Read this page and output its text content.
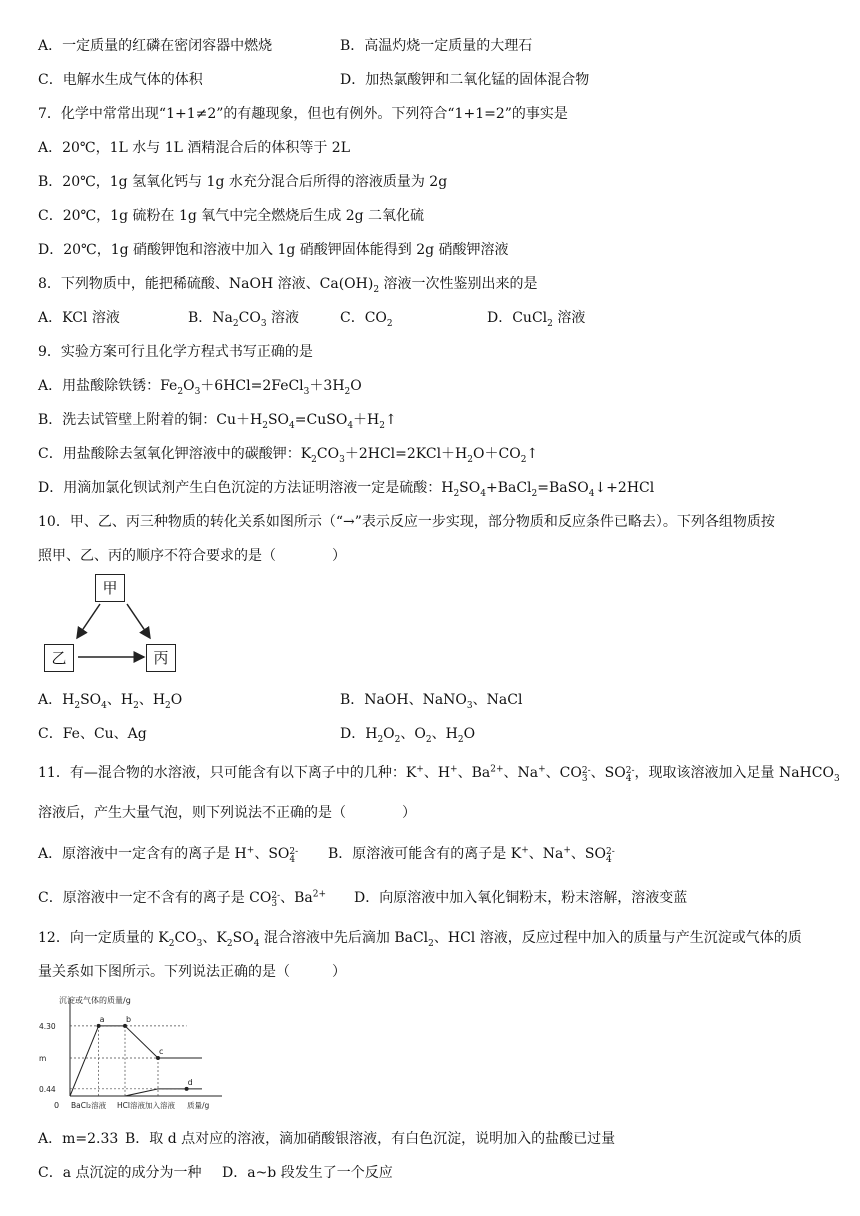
A．一定质量的红磷在密闭容器中燃烧	B．高温灼烧一定质量的大理石
C．电解水生成气体的体积	D．加热氯酸钾和二氧化锰的固体混合物
7．化学中常常出现“1+1≠2”的有趣现象，但也有例外。下列符合“1+1=2”的事实是
A．20℃，1L 水与 1L 酒精混合后的体积等于 2L
B．20℃，1g 氢氧化钙与 1g 水充分混合后所得的溶液质量为 2g
C．20℃，1g 硫粉在 1g 氧气中完全燃烧后生成 2g 二氧化硫
D．20℃，1g 硝酸钾饱和溶液中加入 1g 硝酸钾固体能得到 2g 硝酸钾溶液
8．下列物质中，能把稀硫酸、NaOH 溶液、$Ca(OH)_2$ 溶液一次性鉴别出来的是
A．KCl 溶液	B．$Na_2CO_3$ 溶液	C．$CO_2$	D．CuCl$_2$ 溶液
9．实验方案可行且化学方程式书写正确的是
A．用盐酸除铁锈：$Fe_2O_3+6HCl=2FeCl_3+3H_2O$
B．洗去试管壁上附着的铜：$Cu+H_2SO_4=CuSO_4+H_2↑$
C．用盐酸除去氢氧化钾溶液中的碳酸钾：$K_2CO_3+2HCl=2KCl+H_2O+CO_2↑$
D．用滴加氯化钡试剂产生白色沉淀的方法证明溶液一定是硫酸：$H_2SO_4+BaCl_2=BaSO_4↓+2HCl$
10．甲、乙、丙三种物质的转化关系如图所示（“→”表示反应一步实现，部分物质和反应条件已略去）。下列各组物质按
照甲、乙、丙的顺序不符合要求的是（　　　　）
甲
乙	丙
A．$H_2SO_4$、$H_2$、$H_2O$	B．NaOH、NaNO$_3$、NaCl
C．Fe、Cu、Ag	D．$H_2O_2$、$O_2$、$H_2O$
11．有—混合物的水溶液，只可能含有以下离子中的几种：K+、H+、$Ba^{2+}$、Na+、CO 2-
3 、SO 2-
4 ，现取该溶液加入足量 NaHCO$_3$
溶液后，产生大量气泡，则下列说法不正确的是（　　　　）
A．原溶液中一定含有的离子是 H+、SO 2-
4 B．原溶液可能含有的离子是 K+、Na+、SO 2-
4
C．原溶液中一定不含有的离子是 CO 2-
3 、$Ba^{2+}$ D．向原溶液中加入氧化铜粉末，粉末溶解，溶液变蓝
12．向一定质量的 $K_2CO_3$、$K_2SO_4$ 混合溶液中先后滴加 BaCl$_2$、HCl 溶液，反应过程中加入的质量与产生沉淀或气体的质
量关系如下图所示。下列说法正确的是（　　　）
沉淀或气体的质量/g
0 BaCl₂溶液 HCl溶液加入溶液 质量/g
4.30
m
0.44
a	b
c
d
A．m=2.33 B．取 d 点对应的溶液，滴加硝酸银溶液，有白色沉淀，说明加入的盐酸已过量
C．a 点沉淀的成分为一种 D．a~b 段发生了一个反应
